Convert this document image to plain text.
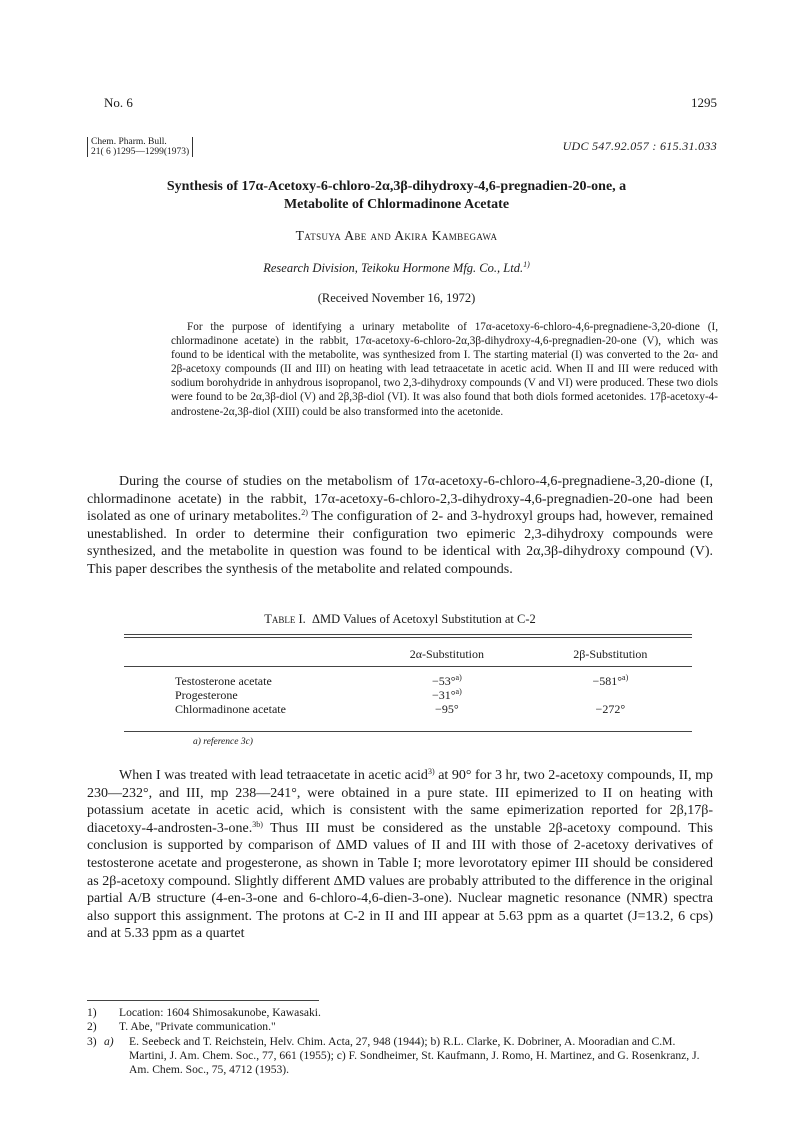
No. 6	1295
Chem. Pharm. Bull.
21( 6 )1295—1299(1973)	UDC 547.92.057 : 615.31.033
Synthesis of 17α-Acetoxy-6-chloro-2α,3β-dihydroxy-4,6-pregnadien-20-one, a
Metabolite of Chlormadinone Acetate
Tatsuya Abe and Akira Kambegawa
Research Division, Teikoku Hormone Mfg. Co., Ltd.$^{1)}$
(Received November 16, 1972)

For the purpose of identifying a urinary metabolite of 17α-acetoxy-6-chloro-4,6-pregnadiene-3,20-dione (I, chlormadinone acetate) in the rabbit, 17α-acetoxy-6-chloro-2α,3β-dihydroxy-4,6-pregnadien-20-one (V), which was found to be identical with the metabolite, was synthesized from I. The starting material (I) was converted to the 2α- and 2β-acetoxy compounds (II and III) on heating with lead tetraacetate in acetic acid. When II and III were reduced with sodium borohydride in anhydrous isopropanol, two 2,3-dihydroxy compounds (V and VI) were produced. These two diols were found to be 2α,3β-diol (V) and 2β,3β-diol (VI). It was also found that both diols formed acetonides. 17β-acetoxy-4-androstene-2α,3β-diol (XIII) could be also transformed into the acetonide.

During the course of studies on the metabolism of 17α-acetoxy-6-chloro-4,6-pregnadiene-3,20-dione (I, chlormadinone acetate) in the rabbit, 17α-acetoxy-6-chloro-2,3-dihydroxy-4,6-pregnadien-20-one had been isolated as one of urinary metabolites.$^{2)}$ The configuration of 2- and 3-hydroxyl groups had, however, remained unestablished. In order to determine their configuration two epimeric 2,3-dihydroxy compounds were synthesized, and the metabolite in question was found to be identical with 2α,3β-dihydroxy compound (V). This paper describes the synthesis of the metabolite and related compounds.

Table I. ΔMD Values of Acetoxyl Substitution at C-2
	2α-Substitution	2β-Substitution

Testosterone acetate	−53°$^{a)}$	−581°$^{a)}$
Progesterone	−31°$^{a)}$	
Chlormadinone acetate	−95°	−272°
a) reference 3c)

When I was treated with lead tetraacetate in acetic acid$^{3)}$ at 90° for 3 hr, two 2-acetoxy compounds, II, mp 230—232°, and III, mp 238—241°, were obtained in a pure state. III epimerized to II on heating with potassium acetate in acetic acid, which is consistent with the same epimerization reported for 2β,17β-diacetoxy-4-androsten-3-one.$^{3b)}$ Thus III must be considered as the unstable 2β-acetoxy compound. This conclusion is supported by comparison of ΔMD values of II and III with those of 2-acetoxy derivatives of testosterone acetate and progesterone, as shown in Table I; more levorotatory epimer III should be considered as 2β-acetoxy compound. Slightly different ΔMD values are probably attributed to the difference in the original partial A/B structure (4-en-3-one and 6-chloro-4,6-dien-3-one). Nuclear magnetic resonance (NMR) spectra also support this assignment. The protons at C-2 in II and III appear at 5.63 ppm as a quartet (J=13.2, 6 cps) and at 5.33 ppm as a quartet

1) Location: 1604 Shimosakunobe, Kawasaki.
2) T. Abe, "Private communication."
3) a) E. Seebeck and T. Reichstein, Helv. Chim. Acta, 27, 948 (1944); b) R.L. Clarke, K. Dobriner, A. Mooradian and C.M. Martini, J. Am. Chem. Soc., 77, 661 (1955); c) F. Sondheimer, St. Kaufmann, J. Romo, H. Martinez, and G. Rosenkranz, J. Am. Chem. Soc., 75, 4712 (1953).
